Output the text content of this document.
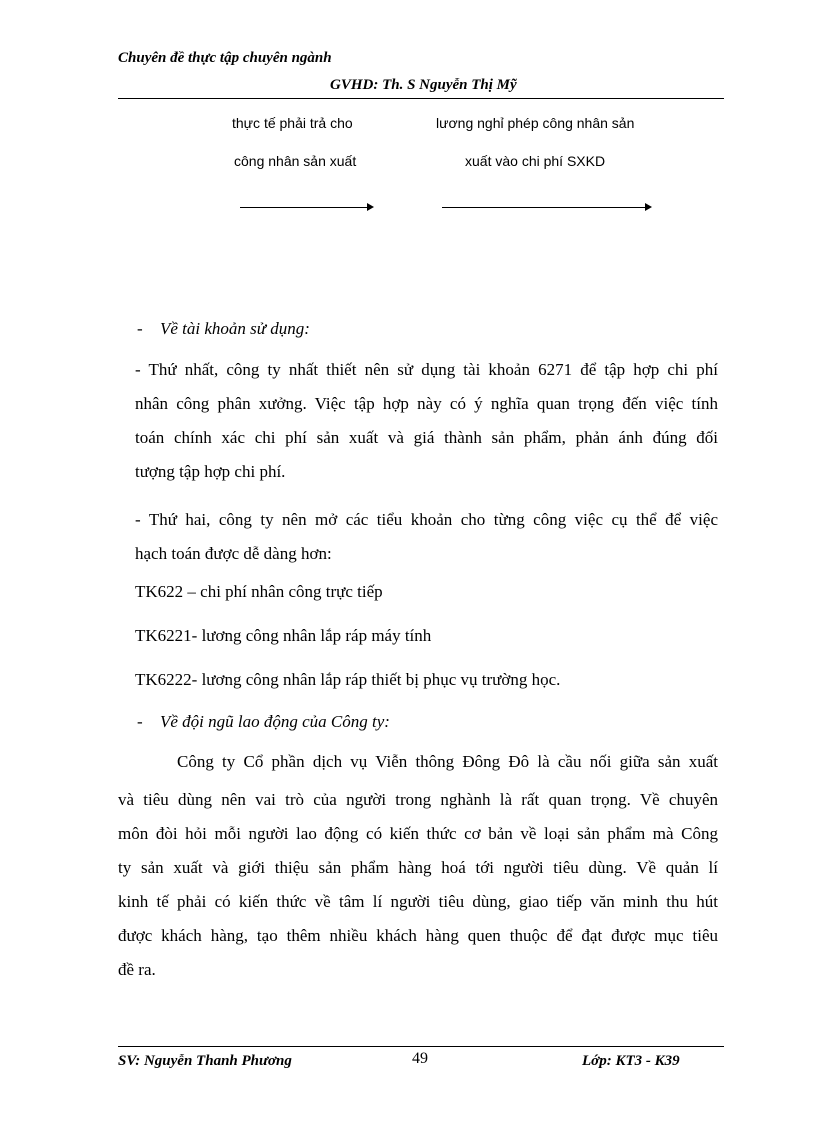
Chuyên đề thực tập chuyên ngành
GVHD: Th. S Nguyễn Thị Mỹ
thực tế phải trả cho
công nhân sản xuất
lương nghỉ phép công nhân sản
xuất vào chi phí SXKD
- Về tài khoản sử dụng:
- Thứ nhất, công ty nhất thiết nên sử dụng tài khoản 6271 để tập hợp chi phí
nhân công phân xưởng. Việc tập hợp này có ý nghĩa quan trọng đến việc tính
toán chính xác chi phí sản xuất và giá thành sản phẩm, phản ánh đúng đối
tượng tập hợp chi phí.
- Thứ hai, công ty nên mở các tiểu khoản cho từng công việc cụ thể để việc
hạch toán được dễ dàng hơn:
TK622 – chi phí nhân công trực tiếp
TK6221- lương công nhân lắp ráp máy tính
TK6222- lương công nhân lắp ráp thiết bị phục vụ trường học.
- Về đội ngũ lao động của Công ty:
Công ty Cổ phần dịch vụ Viễn thông Đông Đô là cầu nối giữa sản xuất
và tiêu dùng nên vai trò của người trong nghành là rất quan trọng. Về chuyên
môn đòi hỏi mỗi người lao động có kiến thức cơ bản về loại sản phẩm mà Công
ty sản xuất và giới thiệu sản phẩm hàng hoá tới người tiêu dùng. Về quản lí
kinh tế phải có kiến thức về tâm lí người tiêu dùng, giao tiếp văn minh thu hút
được khách hàng, tạo thêm nhiều khách hàng quen thuộc để đạt được mục tiêu
đề ra.
SV: Nguyễn Thanh Phương	49	Lớp: KT3 - K39
